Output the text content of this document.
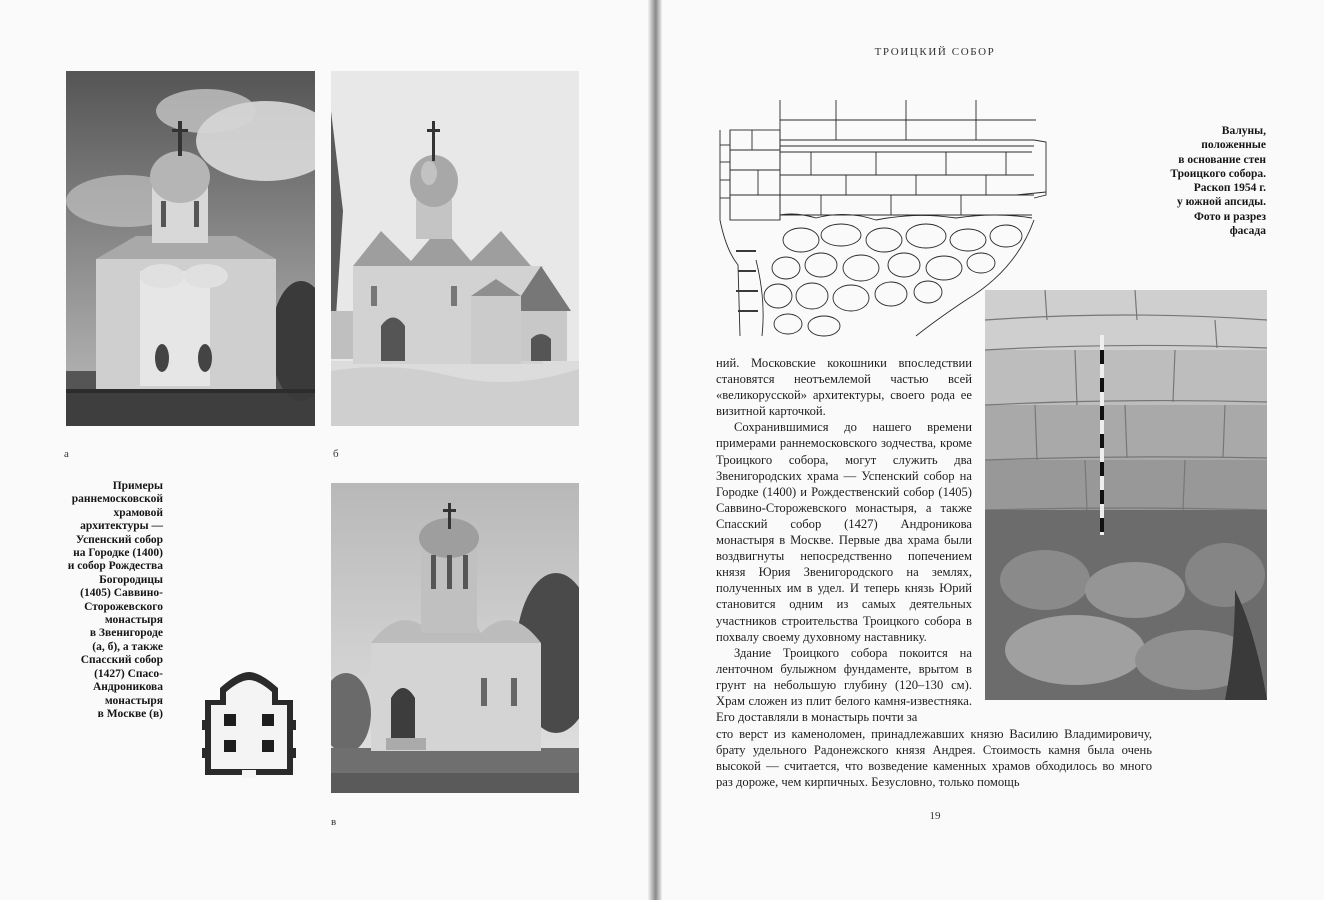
а	б
Примеры
раннемосковской
храмовой
архитектуры —
Успенский собор
на Городке (1400)
и собор Рождества
Богородицы
(1405) Саввино-
Сторожевского
монастыря
в Звенигороде
(а, б), а также
Спасский собор
(1427) Спасо-
Андроникова
монастыря
в Москве (в)
в
ТРОИЦКИЙ СОБОР
Валуны,
положенные
в основание стен
Троицкого собора.
Раскоп 1954 г.
у южной апсиды.
Фото и разрез
фасада

ний. Московские кокошники впоследствии становятся неотъемлемой частью всей «великорусской» архитектуры, своего рода ее визитной карточкой.

Сохранившимися до нашего времени примерами раннемосковского зодчества, кроме Троицкого собора, могут служить два Звенигородских храма — Успенский собор на Городке (1400) и Рождественский собор (1405) Саввино-Сторожевского монастыря, а также Спасский собор (1427) Андроникова монастыря в Москве. Первые два храма были воздвигнуты непосредственно попечением князя Юрия Звенигородского на землях, полученных им в удел. И теперь князь Юрий становится одним из самых деятельных участников строительства Троицкого собора в похвалу своему духовному наставнику.

Здание Троицкого собора покоится на ленточном булыжном фундаменте, врытом в грунт на небольшую глубину (120–130 см). Храм сложен из плит белого камня-известняка. Его доставляли в монастырь почти за

сто верст из каменоломен, принадлежавших князю Василию Владимировичу, брату удельного Радонежского князя Андрея. Стоимость камня была очень высокой — считается, что возведение каменных храмов обходилось во много раз дороже, чем кирпичных. Безусловно, только помощь

19
